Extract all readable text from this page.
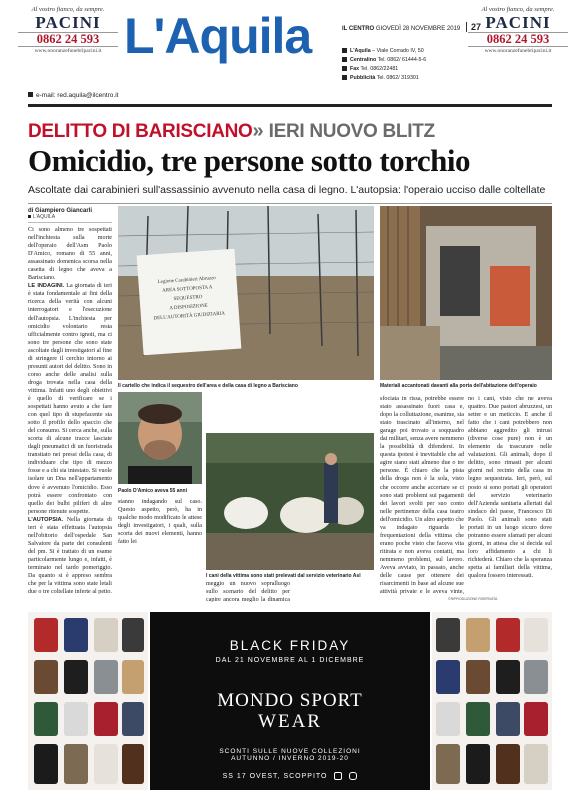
Al vostro fianco, da sempre.
PACINI
0862 24 593
www.onoranzefunebripacini.it L'Aquila	IL CENTRO GIOVEDÌ 28 NOVEMBRE 2019 27
L'Aquila – Viale Corrado IV, 50
Centralino Tel. 0862/ 61444-5-6
Fax Tel. 0862/22481
Pubblicità Tel. 0862/ 319301
Al vostro fianco, da sempre.
PACINI
0862 24 593
www.onoranzefunebripacini.it
e-mail: red.aquila@ilcentro.it
DELITTO DI BARISCIANO» IERI NUOVO BLITZ
Omicidio, tre persone sotto torchio
Ascoltate dai carabinieri sull'assassinio avvenuto nella casa di legno. L'autopsia: l'operaio ucciso dalle coltellate
di Giampiero Giancarli
L'AQUILA
Ci sono almeno tre sospettati nell'inchiesta sulla morte dell'operaio dell'Asm Paolo D'Amico, romano di 55 anni, assassinato domenica scorsa nella casetta di legno che aveva a Barisciano.
LE INDAGINI. La giornata di ieri è stata fondamentale ai fini della ricerca della verità con alcuni interrogatori e l'esecuzione dell'autopsia. L'inchiesta per omicidio volontario resta ufficialmente contro ignoti, ma ci sono tre persone che sono state ascoltate dagli investigatori al fine di stringere il cerchio intorno ai presunti autori del delitto. Sono in corso anche delle analisi sulla droga trovata nella casa della vittima. Infatti uno degli obiettivi è quello di verificare se i sospettati hanno avuto a che fare con quel tipo di stupefacente sia sotto il profilo dello spaccio che del consumo. Si cerca anche, sulla scorta di alcune tracce lasciate dagli pneumatici di un fuoristrada transitato nei pressi della casa, di individuare che tipo di mezzo fosse e a chi sia intestato. Si vuole isolare un Dna nell'appartamento dove è avvenuto l'omicidio. Esso potrà essere confrontato con quello dei bulbi piliferi di altre persone ritenute sospette.
L'AUTOPSIA. Nella giornata di ieri è stata effettuata l'autopsia nell'obitorio dell'ospedale San Salvatore da parte dei consulenti del pm. Si è trattato di un esame particolarmente lungo e, infatti, è terminato nel tardo pomeriggio. Da quanto si è appreso sembra che per la vittima sono state letali due o tre coltellate inferte al petto.
Legione Carabinieri Abruzzo
AREA SOTTOPOSTA A SEQUESTRO
A DISPOSIZIONE
DELL'AUTORITÀ GIUDIZIARIA
Il cartello che indica il sequestro dell'area e della casa di legno a Barisciano	Materiali accantonati davanti alla porta dell'abitazione dell'operaio
Paolo D'Amico aveva 55 anni
I cani della vittima sono stati prelevati dal servizio veterinario Asl
stanno indagando sul caso. Questo aspetto, però, ha in qualche modo modificato le attese degli investigatori, i quali, sulla scorta dei nuovi elementi, hanno fatto lei
meggio un nuovo sopralluogo sullo scenario del delitto per capire ancora meglio la dinamica
sfociata in rissa, potrebbe essere stato assassinato fuori casa e, dopo la colluttazione, esanime, sia stato trascinato all'interno, nel garage poi trovato a soqquadro dai militari, senza avere nemmeno la possibilità di difendersi. In questa ipotesi è inevitabile che ad agire siano stati almeno due o tre persone. È chiaro che la pista della droga non è la sola, visto che occorre anche accertare se ci sono stati problemi sui pagamenti dei lavori svolti per suo conto nelle pertinenze della casa teatro dell'omicidio. Un altro aspetto che va indagato riguarda le frequentazioni della vittima che erano poche visto che faceva vita ritirata e non aveva contatti, ma nemmeno problemi, sul lavoro. Aveva avviato, in passato, anche delle cause per ottenere dei risarcimenti in base ad alcune sue attività private e le aveva vinte,

no i cani, visto che ne aveva quattro. Due pastori abruzzesi, un setter e un meticcio. E anche il fatto che i cani potrebbero non abbiano aggredito gli intrusi (diverse cose pure) non è un elemento da trascurare nelle valutazioni. Gli animali, dopo il delitto, sono rimasti per alcuni giorni nel recinto della casa in legno sequestrata. Ieri, però, sul posto si sono portati gli operatori del servizio veterinario dell'Azienda sanitaria allertati dal sindaco del paese, Francesco Di Paolo. Gli animali sono stati portati in un luogo sicuro dove potranno essere sfamati per alcuni giorni, in attesa che si decida sul loro affidamento a chi li richiederà. Chiaro che la speranza spetta ai familiari della vittima, qualora fossero interessati.
©RIPRODUZIONE RISERVATA
BLACK FRIDAY
DAL 21 NOVEMBRE AL 1 DICEMBRE
MONDO SPORT
WEAR
SCONTI SULLE NUOVE COLLEZIONI
AUTUNNO / INVERNO 2019-20
SS 17 OVEST, SCOPPITO
